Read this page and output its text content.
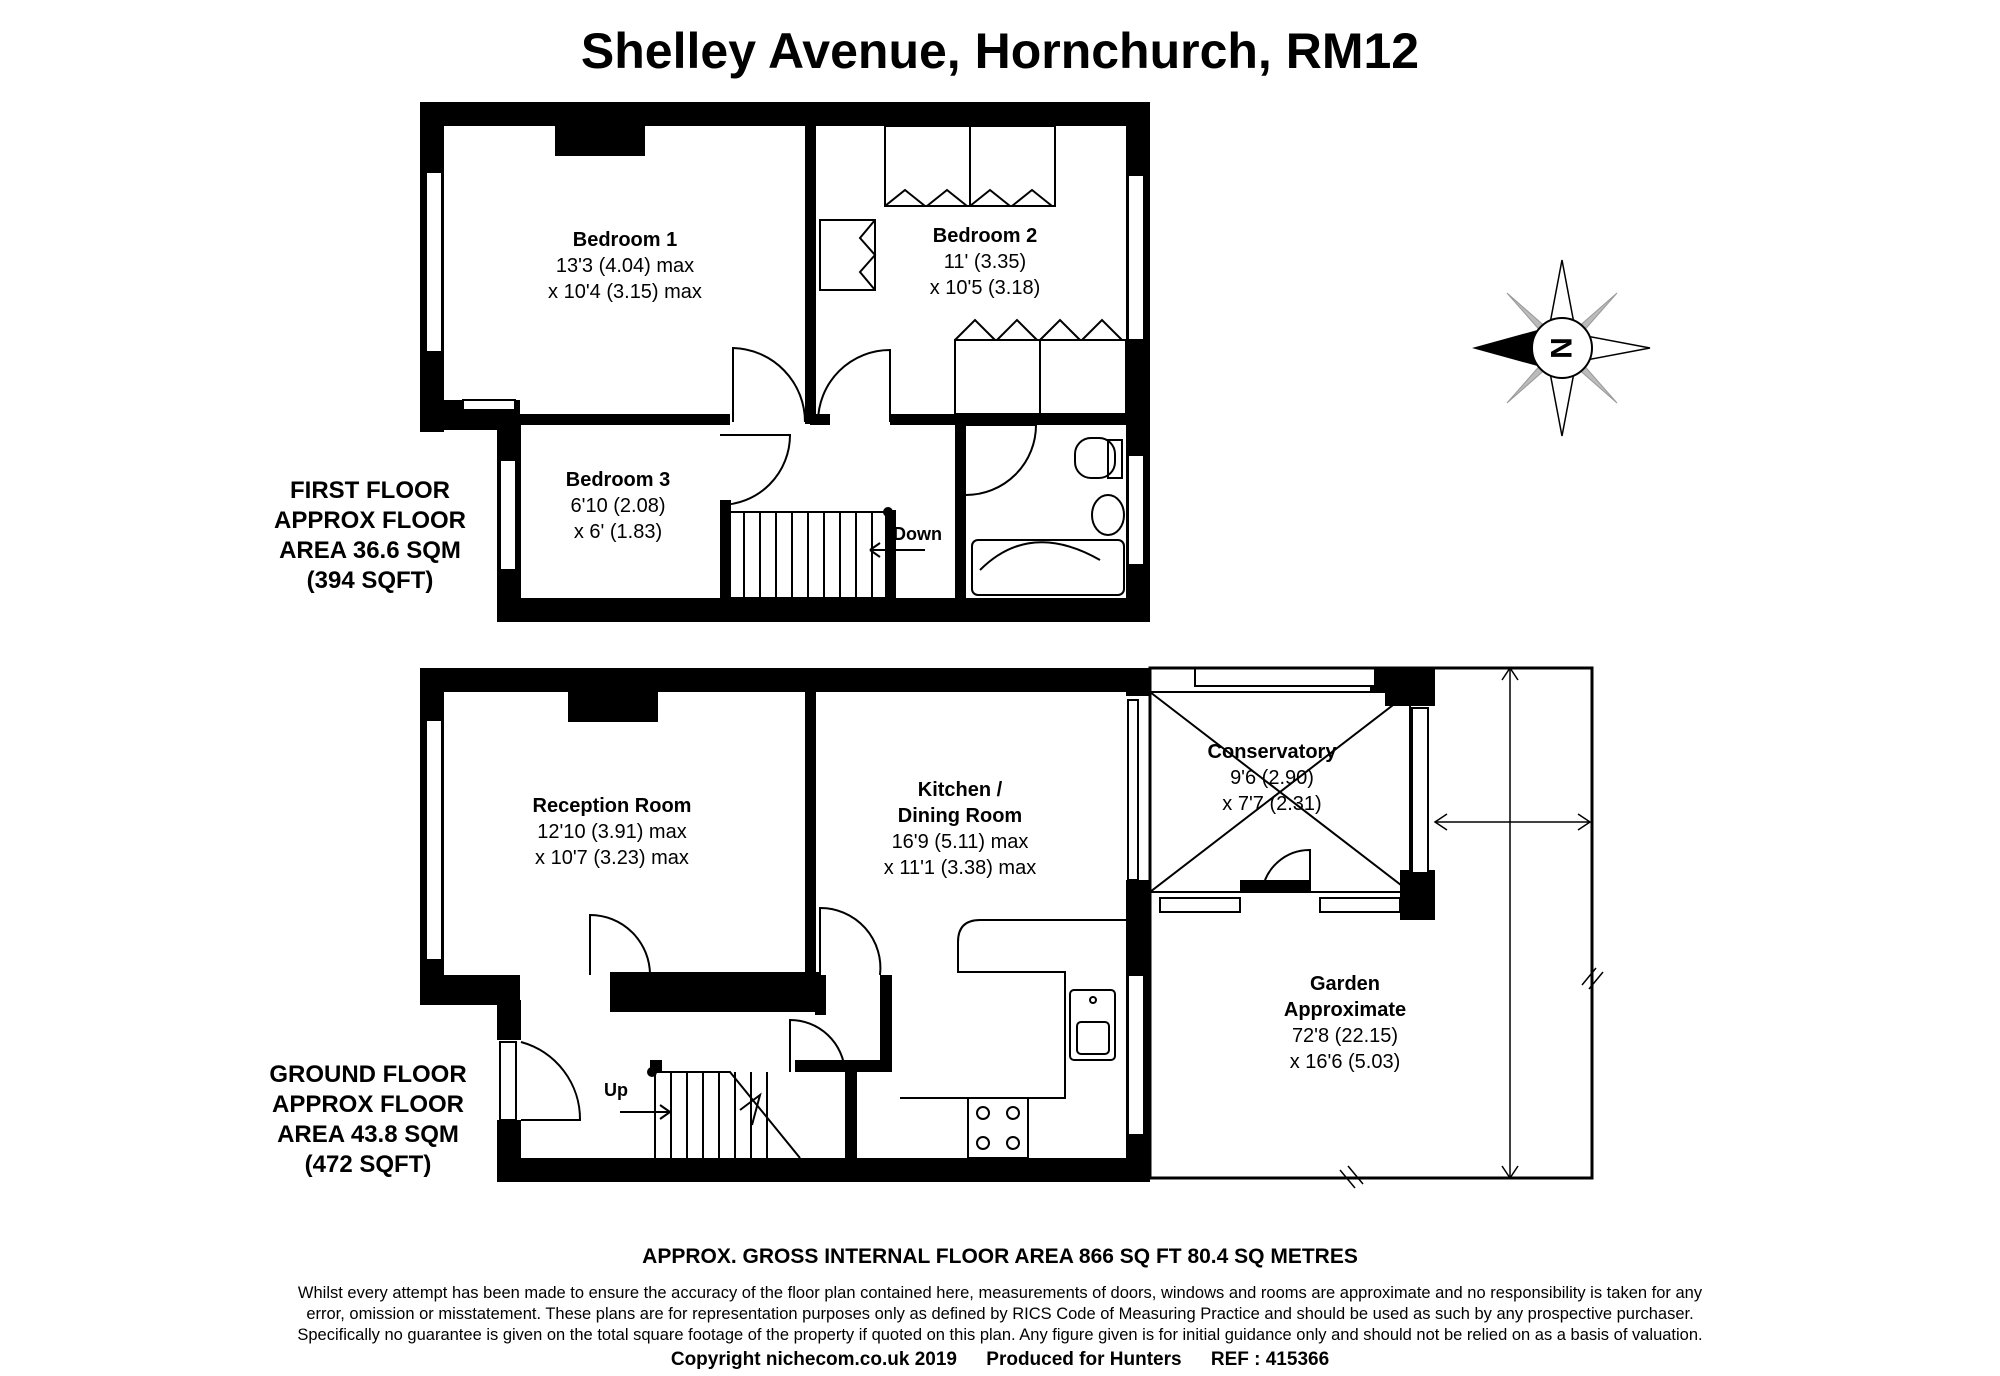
Shelley Avenue, Hornchurch, RM12
Down
Bedroom 1
13'3 (4.04) max
x 10'4 (3.15) max
Bedroom 2
11' (3.35)
x 10'5 (3.18)
Bedroom 3
6'10 (2.08)
x 6' (1.83)
Up
Reception Room
12'10 (3.91) max
x 10'7 (3.23) max
Kitchen /
Dining Room
16'9 (5.11) max
x 11'1 (3.38) max
Conservatory
9'6 (2.90)
x 7'7 (2.31)
Garden
Approximate
72'8 (22.15)
x 16'6 (5.03)
N
FIRST FLOOR
APPROX FLOOR
AREA 36.6 SQM
(394 SQFT)
GROUND FLOOR
APPROX FLOOR
AREA 43.8 SQM
(472 SQFT)
APPROX. GROSS INTERNAL FLOOR AREA 866 SQ FT 80.4 SQ METRES
Whilst every attempt has been made to ensure the accuracy of the floor plan contained here, measurements of doors, windows and rooms are approximate and no responsibility is taken for any
error, omission or misstatement. These plans are for representation purposes only as defined by RICS Code of Measuring Practice and should be used as such by any prospective purchaser.
Specifically no guarantee is given on the total square footage of the property if quoted on this plan. Any figure given is for initial guidance only and should not be relied on as a basis of valuation.
Copyright nichecom.co.uk 2019 Produced for Hunters REF : 415366
